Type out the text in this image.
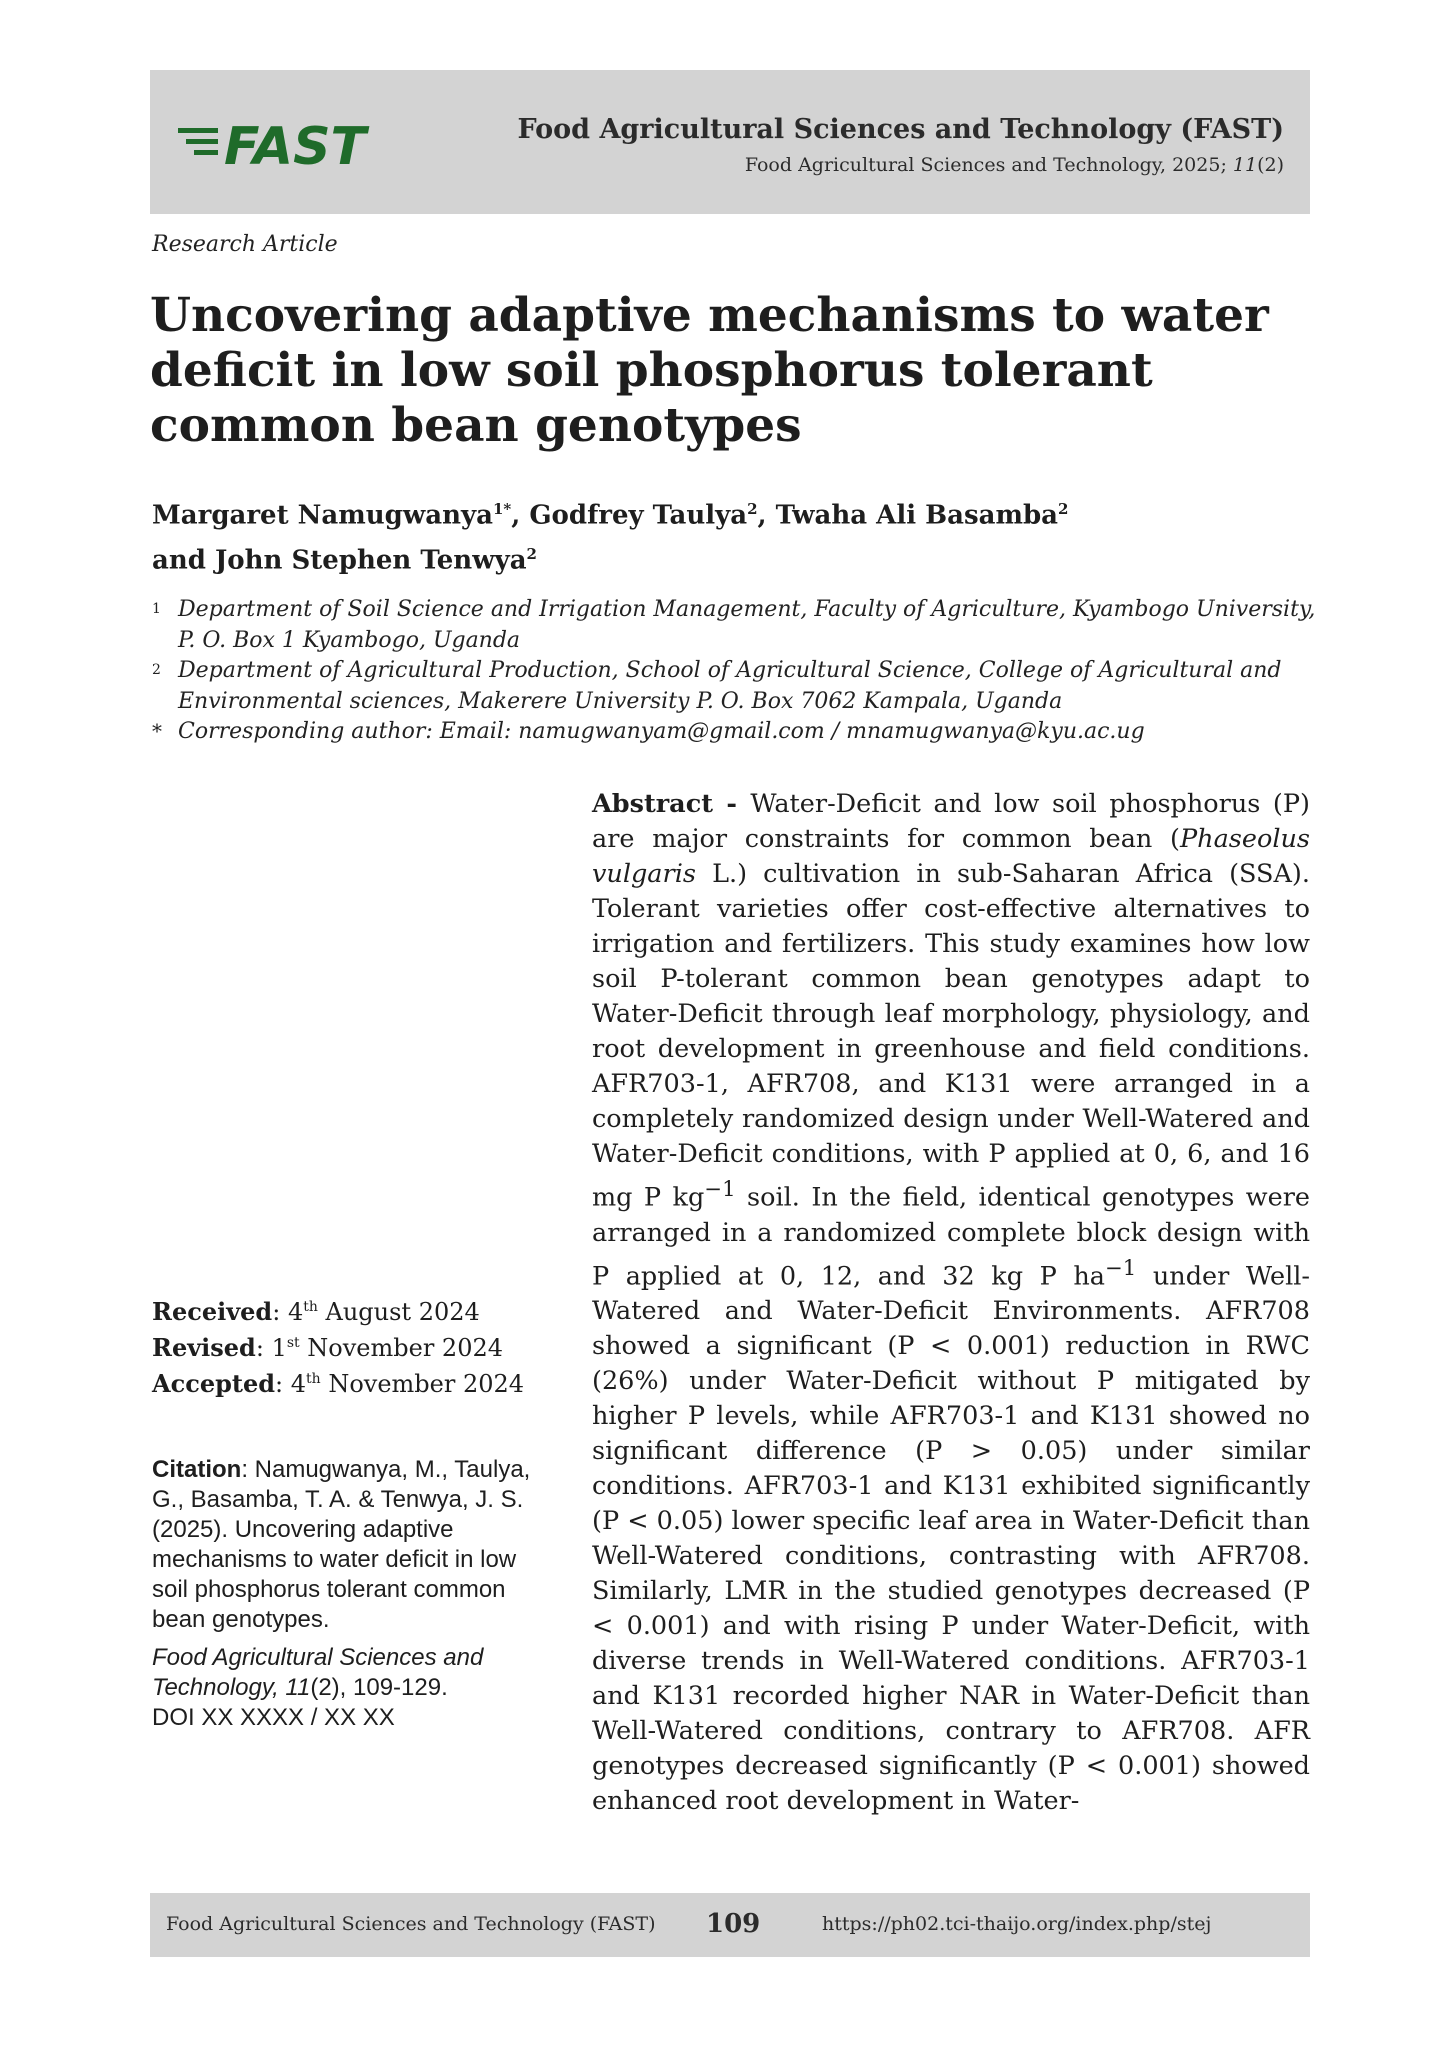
FAST	Food Agricultural Sciences and Technology (FAST)
Food Agricultural Sciences and Technology, 2025; 11(2)
Research Article
Uncovering adaptive mechanisms to water deficit in low soil phosphorus tolerant common bean genotypes
Margaret Namugwanya$^{1*}$, Godfrey Taulya$^2$, Twaha Ali Basamba$^2$
and John Stephen Tenwya$^2$
1 Department of Soil Science and Irrigation Management, Faculty of Agriculture, Kyambogo University, P. O. Box 1 Kyambogo, Uganda
2 Department of Agricultural Production, School of Agricultural Science, College of Agricultural and Environmental sciences, Makerere University P. O. Box 7062 Kampala, Uganda
* Corresponding author: Email: namugwanyam@gmail.com / mnamugwanya@kyu.ac.ug
Received: 4th August 2024
Revised: 1st November 2024
Accepted: 4th November 2024
Citation: Namugwanya, M., Taulya, G., Basamba, T. A. & Tenwya, J. S. (2025). Uncovering adaptive mechanisms to water deficit in low soil phosphorus tolerant common bean genotypes.
Food Agricultural Sciences and Technology, 11(2), 109-129.
DOI XX XXXX / XX XX
Abstract - Water-Deficit and low soil phosphorus (P) are major constraints for common bean (Phaseolus vulgaris L.) cultivation in sub-Saharan Africa (SSA). Tolerant varieties offer cost-effective alternatives to irrigation and fertilizers. This study examines how low soil P-tolerant common bean genotypes adapt to Water-Deficit through leaf morphology, physiology, and root development in greenhouse and field conditions. AFR703-1, AFR708, and K131 were arranged in a completely randomized design under Well-Watered and Water-Deficit conditions, with P applied at 0, 6, and 16 mg P $kg^{-1}$ soil. In the field, identical genotypes were arranged in a randomized complete block design with P applied at 0, 12, and 32 kg P $ha^{-1}$ under Well-Watered and Water-Deficit Environments. AFR708 showed a significant (P < 0.001) reduction in RWC (26%) under Water-Deficit without P mitigated by higher P levels, while AFR703-1 and K131 showed no significant difference (P > 0.05) under similar conditions. AFR703-1 and K131 exhibited significantly (P < 0.05) lower specific leaf area in Water-Deficit than Well-Watered conditions, contrasting with AFR708. Similarly, LMR in the studied genotypes decreased (P < 0.001) and with rising P under Water-Deficit, with diverse trends in Well-Watered conditions. AFR703-1 and K131 recorded higher NAR in Water-Deficit than Well-Watered conditions, contrary to AFR708. AFR genotypes decreased significantly (P < 0.001) showed enhanced root development in Water-
Food Agricultural Sciences and Technology (FAST) 109	https://ph02.tci-thaijo.org/index.php/stej
